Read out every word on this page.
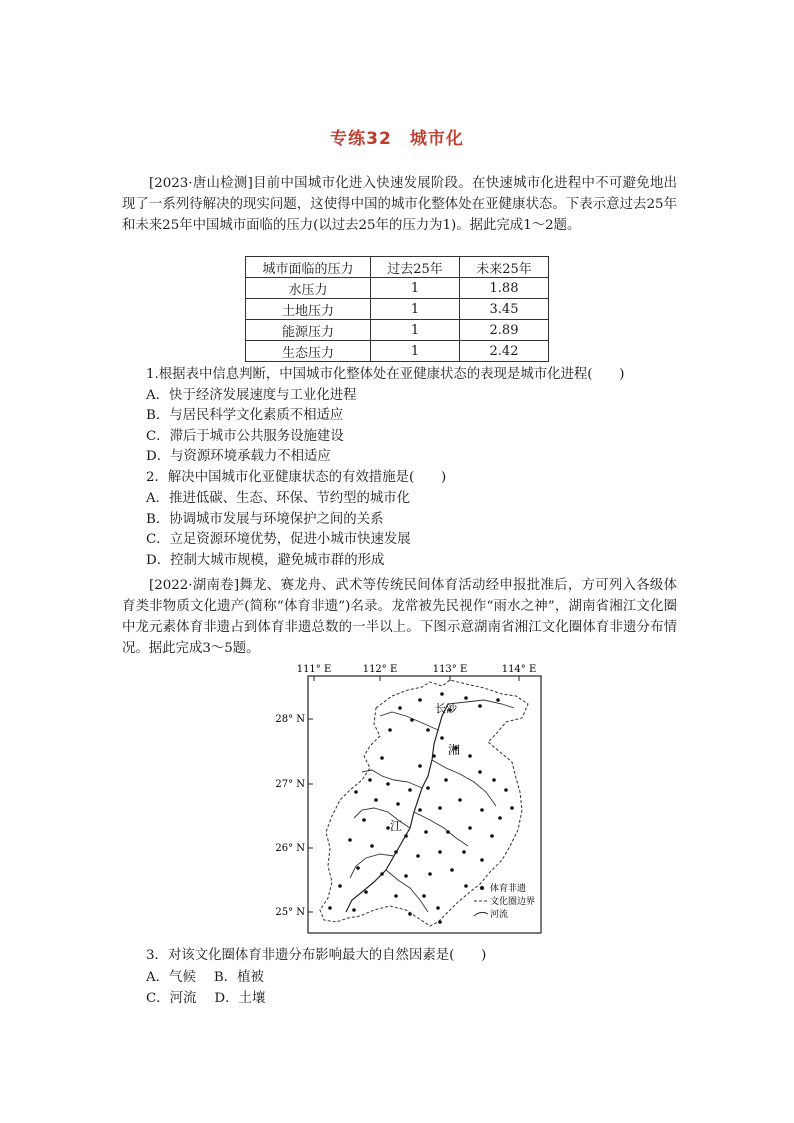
专练32 城市化
[2023·唐山检测]目前中国城市化进入快速发展阶段。在快速城市化进程中不可避免地出现了一系列待解决的现实问题，这使得中国的城市化整体处在亚健康状态。下表示意过去25年和未来25年中国城市面临的压力(以过去25年的压力为1)。据此完成1～2题。
城市面临的压力	过去25年	未来25年
水压力	1	1.88
土地压力	1	3.45
能源压力	1	2.89
生态压力	1	2.42
1.根据表中信息判断，中国城市化整体处在亚健康状态的表现是城市化进程(　　)
A．快于经济发展速度与工业化进程
B．与居民科学文化素质不相适应
C．滞后于城市公共服务设施建设
D．与资源环境承载力不相适应
2．解决中国城市化亚健康状态的有效措施是(　　)
A．推进低碳、生态、环保、节约型的城市化
B．协调城市发展与环境保护之间的关系
C．立足资源环境优势，促进小城市快速发展
D．控制大城市规模，避免城市群的形成
[2022·湖南卷]舞龙、赛龙舟、武术等传统民间体育活动经申报批准后，方可列入各级体育类非物质文化遗产(简称“体育非遗”)名录。龙常被先民视作“雨水之神”，湖南省湘江文化圈中龙元素体育非遗占到体育非遗总数的一半以上。下图示意湖南省湘江文化圈体育非遗分布情况。据此完成3～5题。
111° E	112° E	113° E	114° E
28° N
27° N
26° N
25° N
长沙
湘
江
体育非遗
文化圈边界
河流
3．对该文化圈体育非遗分布影响最大的自然因素是(　　)
A．气候 B．植被
C．河流 D．土壤
